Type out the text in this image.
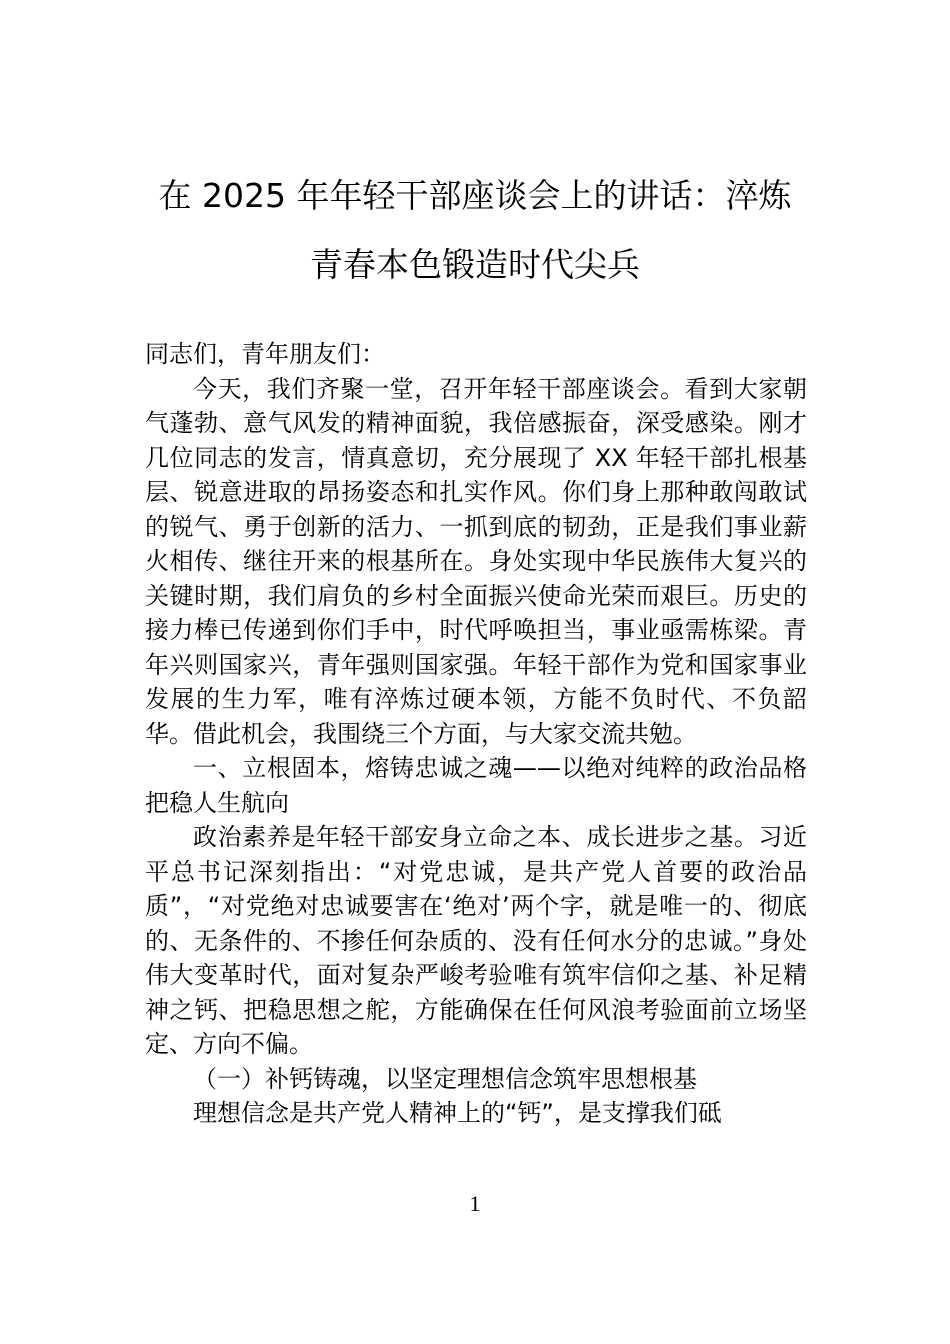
在 2025 年年轻干部座谈会上的讲话：淬炼
青春本色锻造时代尖兵

同志们，青年朋友们：

今天，我们齐聚一堂，召开年轻干部座谈会。看到大家朝气蓬勃、意气风发的精神面貌，我倍感振奋，深受感染。刚才几位同志的发言，情真意切，充分展现了 XX 年轻干部扎根基层、锐意进取的昂扬姿态和扎实作风。你们身上那种敢闯敢试的锐气、勇于创新的活力、一抓到底的韧劲，正是我们事业薪火相传、继往开来的根基所在。身处实现中华民族伟大复兴的关键时期，我们肩负的乡村全面振兴使命光荣而艰巨。历史的接力棒已传递到你们手中，时代呼唤担当，事业亟需栋梁。青年兴则国家兴，青年强则国家强。年轻干部作为党和国家事业发展的生力军，唯有淬炼过硬本领，方能不负时代、不负韶华。借此机会，我围绕三个方面，与大家交流共勉。

一、立根固本，熔铸忠诚之魂——以绝对纯粹的政治品格把稳人生航向

政治素养是年轻干部安身立命之本、成长进步之基。习近平总书记深刻指出：“对党忠诚，是共产党人首要的政治品质”，“对党绝对忠诚要害在‘绝对’两个字，就是唯一的、彻底的、无条件的、不掺任何杂质的、没有任何水分的忠诚。”身处伟大变革时代，面对复杂严峻考验唯有筑牢信仰之基、补足精神之钙、把稳思想之舵，方能确保在任何风浪考验面前立场坚定、方向不偏。

（一）补钙铸魂，以坚定理想信念筑牢思想根基

理想信念是共产党人精神上的“钙”，是支撑我们砥

1
